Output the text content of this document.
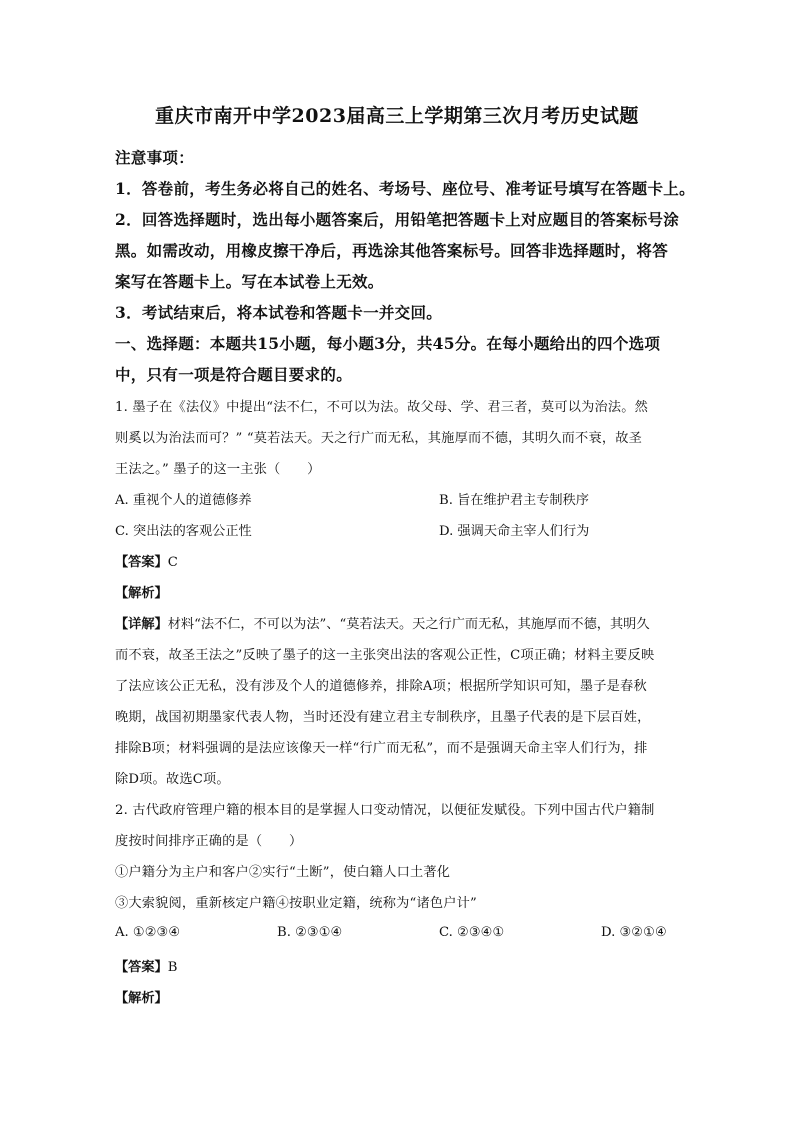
重庆市南开中学2023届高三上学期第三次月考历史试题
注意事项：
1．答卷前，考生务必将自己的姓名、考场号、座位号、准考证号填写在答题卡上。
2．回答选择题时，选出每小题答案后，用铅笔把答题卡上对应题目的答案标号涂
黑。如需改动，用橡皮擦干净后，再选涂其他答案标号。回答非选择题时，将答
案写在答题卡上。写在本试卷上无效。
3．考试结束后，将本试卷和答题卡一并交回。
一、选择题：本题共15小题，每小题3分，共45分。在每小题给出的四个选项
中，只有一项是符合题目要求的。
1. 墨子在《法仪》中提出“法不仁，不可以为法。故父母、学、君三者，莫可以为治法。然
则奚以为治法而可？” “莫若法天。天之行广而无私，其施厚而不德，其明久而不衰，故圣
王法之。” 墨子的这一主张（　　）
A. 重视个人的道德修养	B. 旨在维护君主专制秩序
C. 突出法的客观公正性	D. 强调天命主宰人们行为
【答案】C
【解析】
【详解】材料“法不仁，不可以为法”、“莫若法天。天之行广而无私，其施厚而不德，其明久
而不衰，故圣王法之”反映了墨子的这一主张突出法的客观公正性，C项正确；材料主要反映
了法应该公正无私，没有涉及个人的道德修养，排除A项；根据所学知识可知，墨子是春秋
晚期，战国初期墨家代表人物，当时还没有建立君主专制秩序，且墨子代表的是下层百姓，
排除B项；材料强调的是法应该像天一样“行广而无私”，而不是强调天命主宰人们行为，排
除D项。故选C项。
2. 古代政府管理户籍的根本目的是掌握人口变动情况，以便征发赋役。下列中国古代户籍制
度按时间排序正确的是（　　）
①户籍分为主户和客户②实行“土断”，使白籍人口土著化
③大索貌阅，重新核定户籍④按职业定籍，统称为“诸色户计”
A. ①②③④	B. ②③①④	C. ②③④①	D. ③②①④
【答案】B
【解析】
